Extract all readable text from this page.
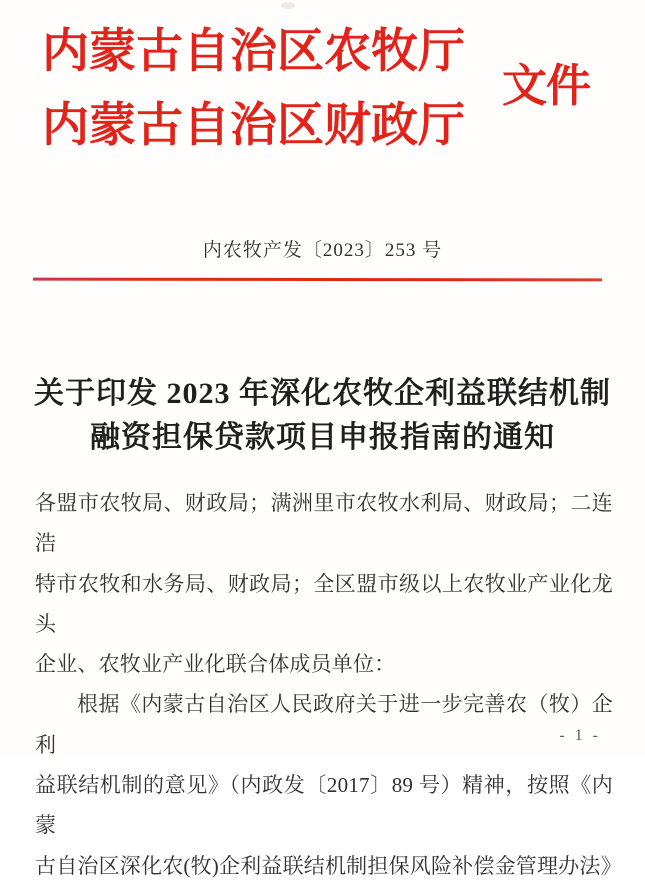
内蒙古自治区农牧厅
内蒙古自治区财政厅
文件
内农牧产发〔2023〕253 号
关于印发 2023 年深化农牧企利益联结机制
融资担保贷款项目申报指南的通知
各盟市农牧局、财政局；满洲里市农牧水利局、财政局；二连浩
特市农牧和水务局、财政局；全区盟市级以上农牧业产业化龙头
企业、农牧业产业化联合体成员单位：
根据《内蒙古自治区人民政府关于进一步完善农（牧）企利
益联结机制的意见》（内政发〔2017〕89 号）精神，按照《内蒙
古自治区深化农(牧)企利益联结机制担保风险补偿金管理办法》
- 1 -
